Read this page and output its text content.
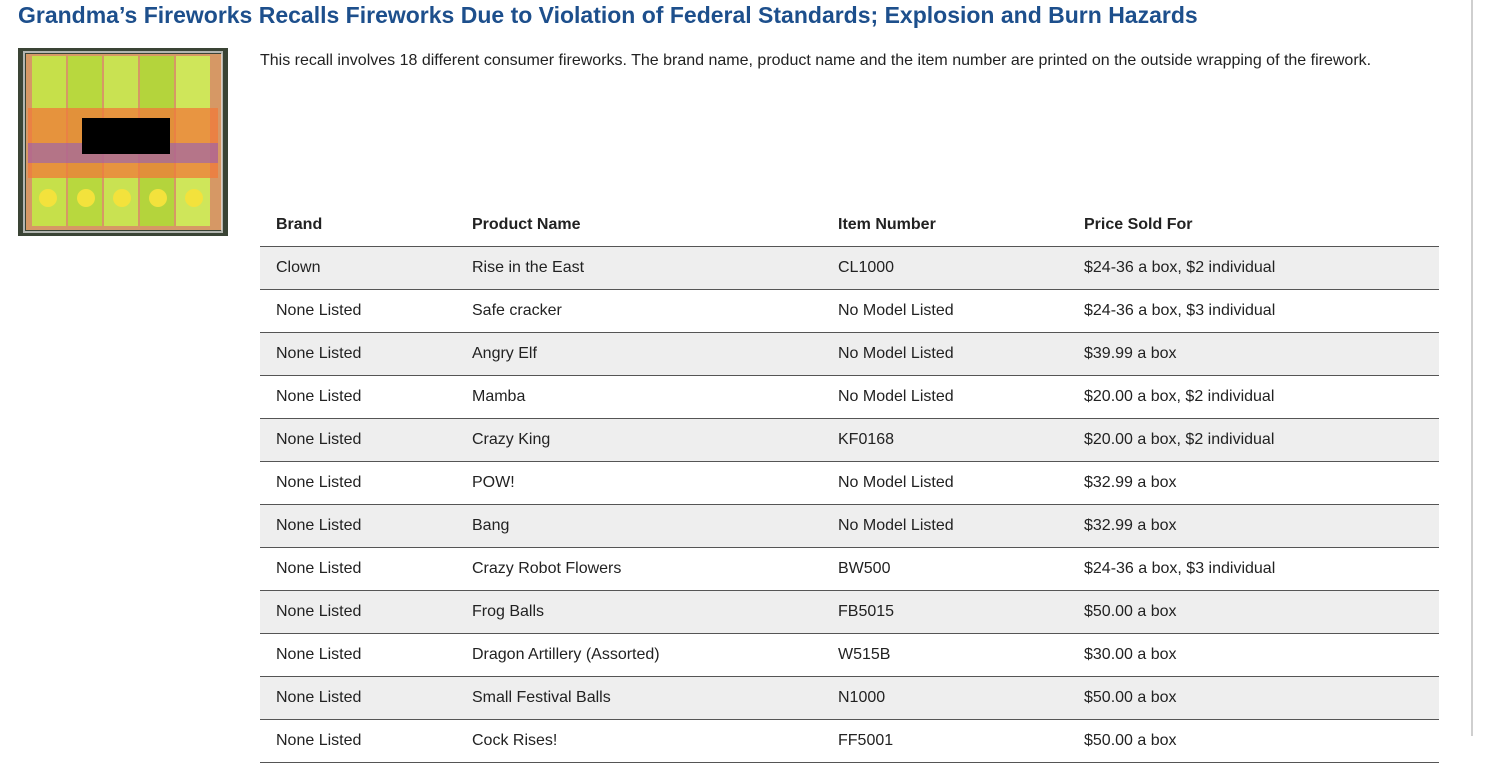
Grandma’s Fireworks Recalls Fireworks Due to Violation of Federal Standards; Explosion and Burn Hazards

This recall involves 18 different consumer fireworks. The brand name, product name and the item number are printed on the outside wrapping of the firework.

Brand	Product Name	Item Number	Price Sold For
Clown	Rise in the East	CL1000	$24-36 a box, $2 individual
None Listed	Safe cracker	No Model Listed	$24-36 a box, $3 individual
None Listed	Angry Elf	No Model Listed	$39.99 a box
None Listed	Mamba	No Model Listed	$20.00 a box, $2 individual
None Listed	Crazy King	KF0168	$20.00 a box, $2 individual
None Listed	POW!	No Model Listed	$32.99 a box
None Listed	Bang	No Model Listed	$32.99 a box
None Listed	Crazy Robot Flowers	BW500	$24-36 a box, $3 individual
None Listed	Frog Balls	FB5015	$50.00 a box
None Listed	Dragon Artillery (Assorted)	W515B	$30.00 a box
None Listed	Small Festival Balls	N1000	$50.00 a box
None Listed	Cock Rises!	FF5001	$50.00 a box
